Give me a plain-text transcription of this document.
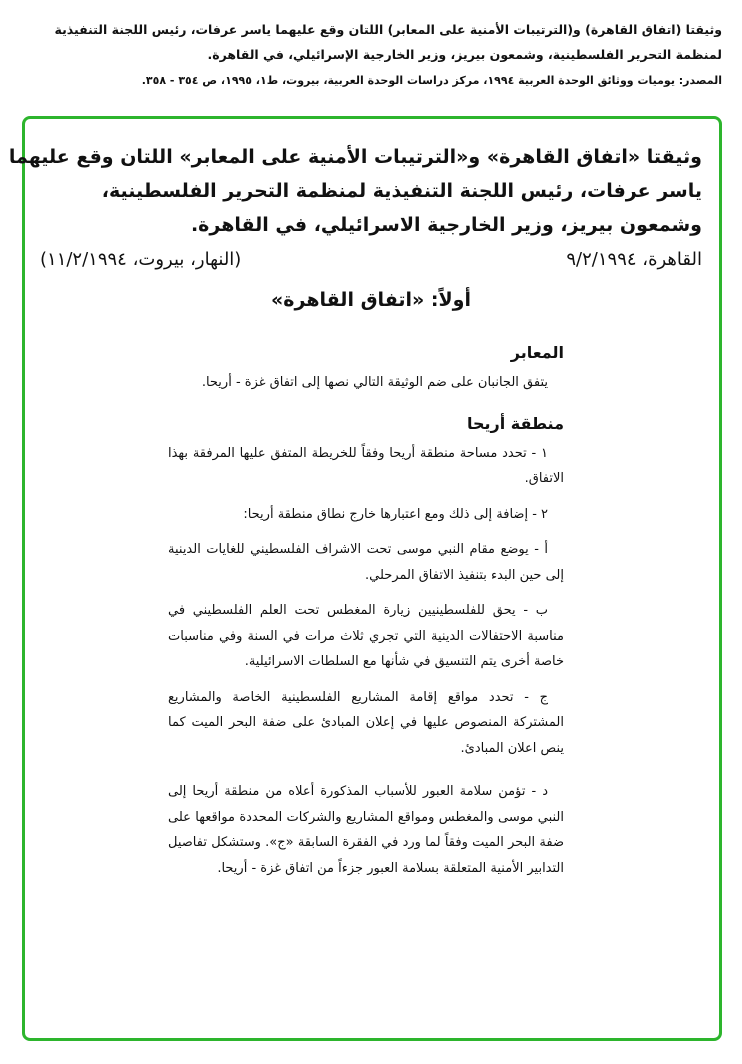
وثيقتا (اتفاق القاهرة) و(الترتيبات الأمنية على المعابر) اللتان وقع عليهما ياسر عرفات، رئيس اللجنة التنفيذية
لمنظمة التحرير الفلسطينية، وشمعون بيريز، وزير الخارجية الإسرائيلي، في القاهرة.
المصدر: يوميات ووثائق الوحدة العربية ١٩٩٤، مركز دراسات الوحدة العربية، بيروت، ط١، ١٩٩٥، ص ٣٥٤ - ٣٥٨.
وثيقتا «اتفاق القاهرة» و«الترتيبات الأمنية على المعابر» اللتان وقع عليهما
ياسر عرفات، رئيس اللجنة التنفيذية لمنظمة التحرير الفلسطينية،
وشمعون بيريز، وزير الخارجية الاسرائيلي، في القاهرة.
القاهرة، ٩/٢/١٩٩٤
(النهار، بيروت، ١١/٢/١٩٩٤)
أولاً: «اتفاق القاهرة»
المعابر

يتفق الجانبان على ضم الوثيقة التالي نصها إلى اتفاق غزة - أريحا.

منطقة أريحا

١ - تحدد مساحة منطقة أريحا وفقاً للخريطة المتفق عليها المرفقة بهذا الاتفاق.

٢ - إضافة إلى ذلك ومع اعتبارها خارج نطاق منطقة أريحا:

أ - يوضع مقام النبي موسى تحت الاشراف الفلسطيني للغايات الدينية إلى حين البدء بتنفيذ الاتفاق المرحلي.

ب - يحق للفلسطينيين زيارة المغطس تحت العلم الفلسطيني في مناسبة الاحتفالات الدينية التي تجري ثلاث مرات في السنة وفي مناسبات خاصة أخرى يتم التنسيق في شأنها مع السلطات الاسرائيلية.

ج - تحدد مواقع إقامة المشاريع الفلسطينية الخاصة والمشاريع المشتركة المنصوص عليها في إعلان المبادئ على ضفة البحر الميت كما ينص اعلان المبادئ.

د - تؤمن سلامة العبور للأسباب المذكورة أعلاه من منطقة أريحا إلى النبي موسى والمغطس ومواقع المشاريع والشركات المحددة مواقعها على ضفة البحر الميت وفقاً لما ورد في الفقرة السابقة «ج». وستشكل تفاصيل التدابير الأمنية المتعلقة بسلامة العبور جزءاً من اتفاق غزة - أريحا.
